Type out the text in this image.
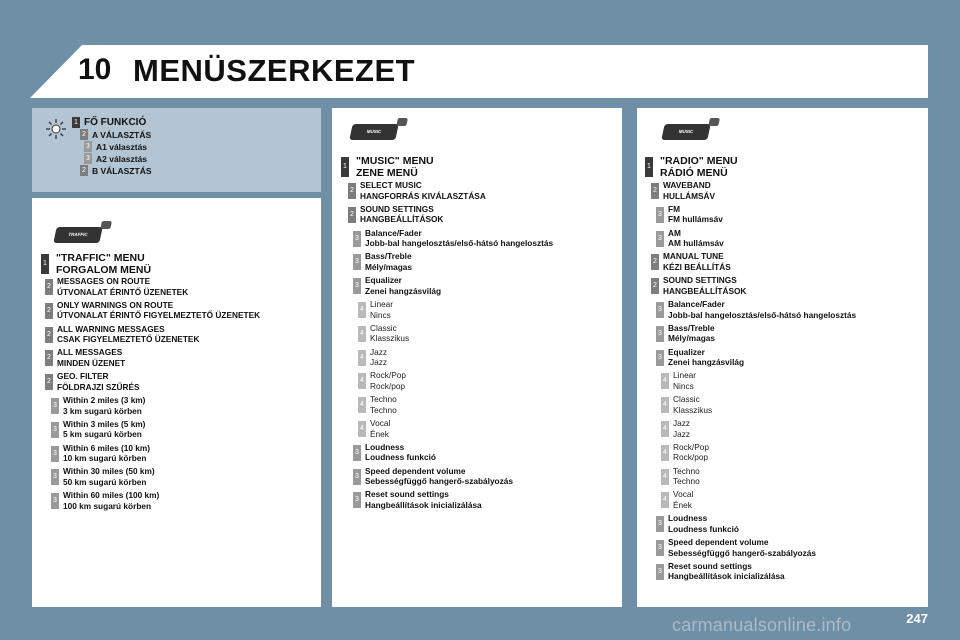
10 MENÜSZERKEZET
1 FŐ FUNKCIÓ
2 A VÁLASZTÁS
3 A1 választás
3 A2 választás
2 B VÁLASZTÁS
TRAFFIC
MUSIC	MUSIC
1 "TRAFFIC" MENU
FORGALOM MENÜ
2
MESSAGES ON ROUTE
ÚTVONALAT ÉRINTŐ ÜZENETEK
2
ONLY WARNINGS ON ROUTE
ÚTVONALAT ÉRINTŐ FIGYELMEZTETŐ ÜZENETEK
2
ALL WARNING MESSAGES
CSAK FIGYELMEZTETŐ ÜZENETEK
2
ALL MESSAGES
MINDEN ÜZENET
2
GEO. FILTER
FÖLDRAJZI SZŰRÉS
3
Within 2 miles (3 km)
3 km sugarú körben
3
Within 3 miles (5 km)
5 km sugarú körben
3
Within 6 miles (10 km)
10 km sugarú körben
3
Within 30 miles (50 km)
50 km sugarú körben
3
Within 60 miles (100 km)
100 km sugarú körben
1 "MUSIC" MENU
ZENE MENÜ
2
SELECT MUSIC
HANGFORRÁS KIVÁLASZTÁSA
2
SOUND SETTINGS
HANGBEÁLLÍTÁSOK
3
Balance/Fader
Jobb-bal hangelosztás/első-hátsó hangelosztás
3
Bass/Treble
Mély/magas
3
Equalizer
Zenei hangzásvilág
4
Linear
Nincs
4
Classic
Klasszikus
4
Jazz
Jazz
4
Rock/Pop
Rock/pop
4
Techno
Techno
4
Vocal
Ének
3
Loudness
Loudness funkció
3
Speed dependent volume
Sebességfüggő hangerő-szabályozás
3
Reset sound settings
Hangbeállítások inicializálása
1 "RADIO" MENU
RÁDIÓ MENÜ
2
WAVEBAND
HULLÁMSÁV
3
FM
FM hullámsáv
3
AM
AM hullámsáv
2
MANUAL TUNE
KÉZI BEÁLLÍTÁS
2
SOUND SETTINGS
HANGBEÁLLÍTÁSOK
3
Balance/Fader
Jobb-bal hangelosztás/első-hátsó hangelosztás
3
Bass/Treble
Mély/magas
3
Equalizer
Zenei hangzásvilág
4
Linear
Nincs
4
Classic
Klasszikus
4
Jazz
Jazz
4
Rock/Pop
Rock/pop
4
Techno
Techno
4
Vocal
Ének
3
Loudness
Loudness funkció
3
Speed dependent volume
Sebességfüggő hangerő-szabályozás
3
Reset sound settings
Hangbeállítások inicializálása
carmanualsonline.info	247
